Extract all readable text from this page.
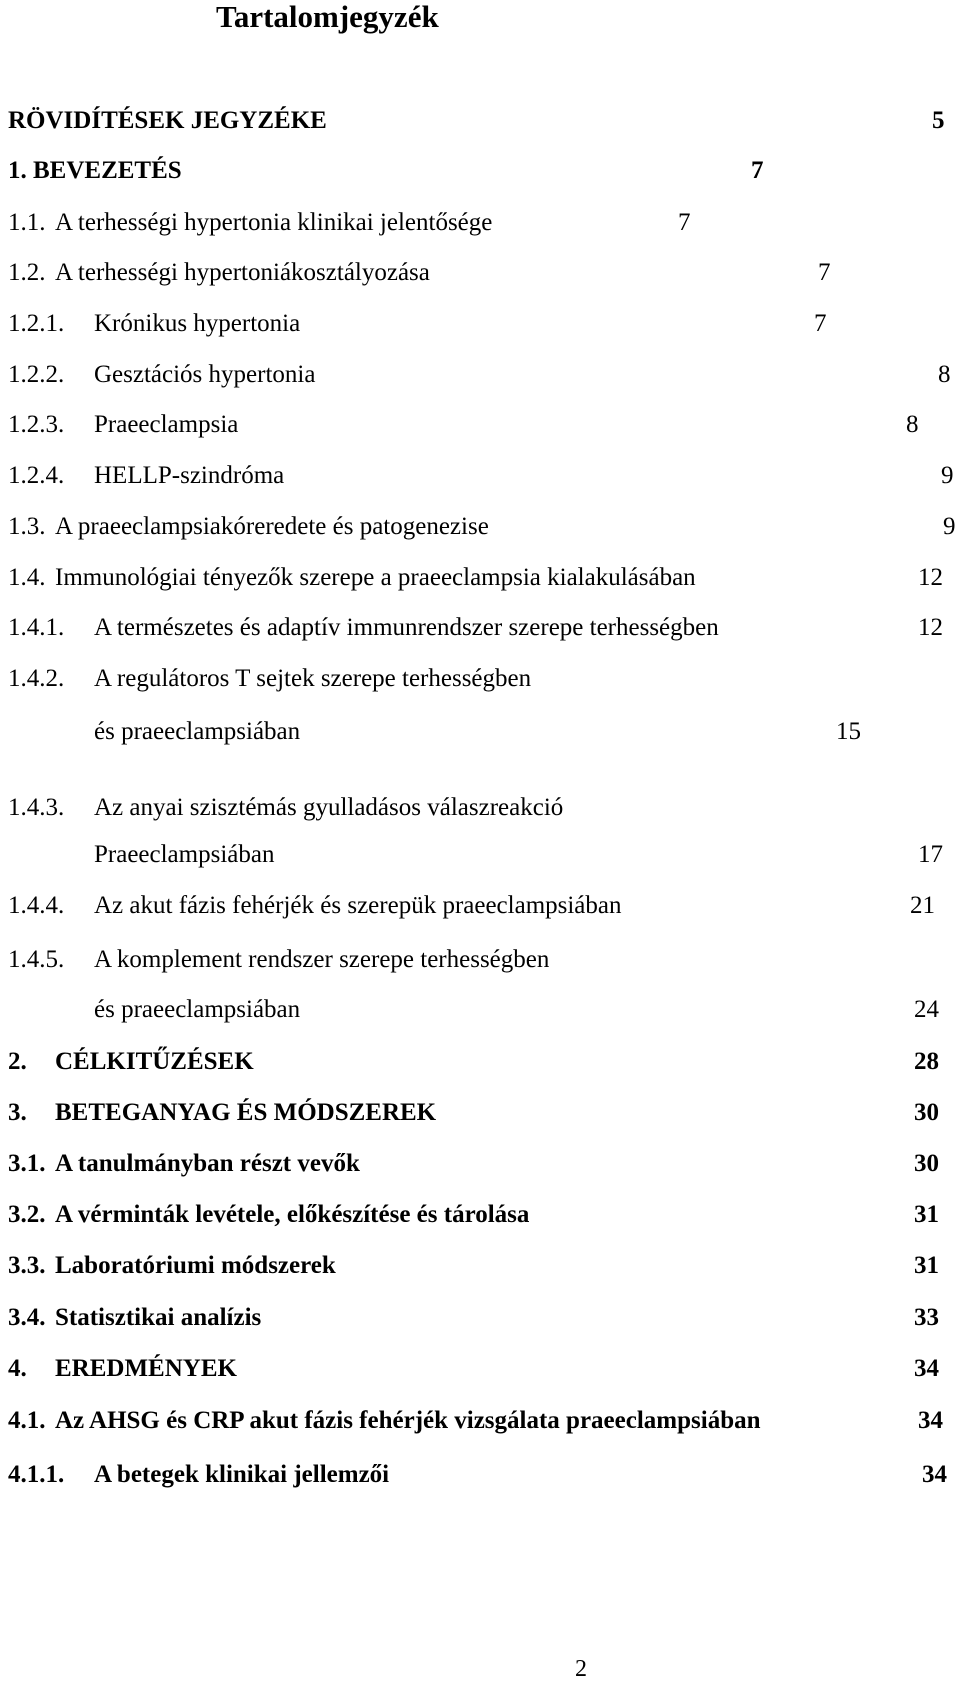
Tartalomjegyzék
RÖVIDÍTÉSEK JEGYZÉKE	5
1. BEVEZETÉS	7
1.1. A terhességi hypertonia klinikai jelentősége	7
1.2. A terhességi hypertoniákosztályozása	7
1.2.1. Krónikus hypertonia	7
1.2.2. Gesztációs hypertonia	8
1.2.3. Praeeclampsia	8
1.2.4. HELLP-szindróma	9
1.3. A praeeclampsiakóreredete és patogenezise	9
1.4. Immunológiai tényezők szerepe a praeeclampsia kialakulásában	12
1.4.1. A természetes és adaptív immunrendszer szerepe terhességben	12
1.4.2. A regulátoros T sejtek szerepe terhességben
és praeeclampsiában	15
1.4.3. Az anyai szisztémás gyulladásos válaszreakció
Praeeclampsiában	17
1.4.4. Az akut fázis fehérjék és szerepük praeeclampsiában	21
1.4.5. A komplement rendszer szerepe terhességben
és praeeclampsiában	24
2. CÉLKITŰZÉSEK	28
3. BETEGANYAG ÉS MÓDSZEREK	30
3.1. A tanulmányban részt vevők	30
3.2. A vérminták levétele, előkészítése és tárolása	31
3.3. Laboratóriumi módszerek	31
3.4. Statisztikai analízis	33
4. EREDMÉNYEK	34
4.1. Az AHSG és CRP akut fázis fehérjék vizsgálata praeeclampsiában	34
4.1.1. A betegek klinikai jellemzői	34
2
